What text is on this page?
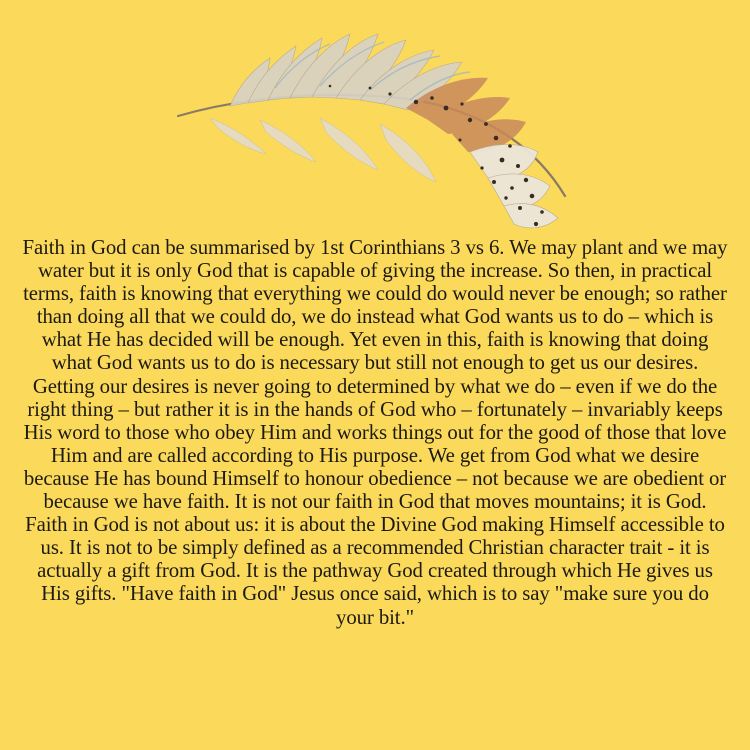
Faith in God can be summarised by 1st Corinthians 3 vs 6. We may plant and we may water but it is only God that is capable of giving the increase. So then, in practical terms, faith is knowing that everything we could do would never be enough; so rather than doing all that we could do, we do instead what God wants us to do – which is what He has decided will be enough. Yet even in this, faith is knowing that doing what God wants us to do is necessary but still not enough to get us our desires. Getting our desires is never going to determined by what we do – even if we do the right thing – but rather it is in the hands of God who – fortunately – invariably keeps His word to those who obey Him and works things out for the good of those that love Him and are called according to His purpose. We get from God what we desire because He has bound Himself to honour obedience – not because we are obedient or because we have faith. It is not our faith in God that moves mountains; it is God. Faith in God is not about us: it is about the Divine God making Himself accessible to us. It is not to be simply defined as a recommended Christian character trait - it is actually a gift from God. It is the pathway God created through which He gives us His gifts. "Have faith in God" Jesus once said, which is to say "make sure you do your bit."
